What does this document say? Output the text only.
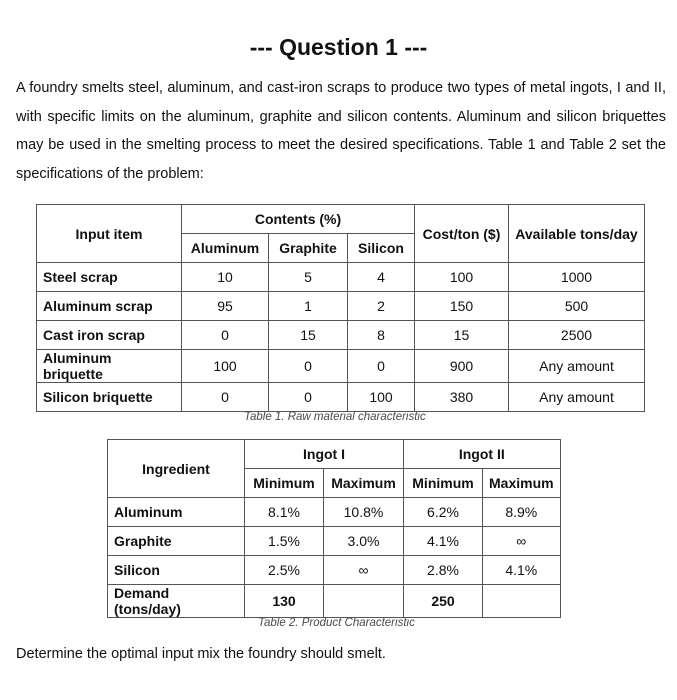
--- Question 1 ---
A foundry smelts steel, aluminum, and cast-iron scraps to produce two types of metal ingots, I and II, with specific limits on the aluminum, graphite and silicon contents. Aluminum and silicon briquettes may be used in the smelting process to meet the desired specifications. Table 1 and Table 2 set the specifications of the problem:
Input item	Contents (%)			Cost/ton ($)	Available tons/day
	Aluminum	Graphite	Silicon		
Steel scrap	10	5	4	100	1000
Aluminum scrap	95	1	2	150	500
Cast iron scrap	0	15	8	15	2500
Aluminum briquette	100	0	0	900	Any amount
Silicon briquette	0	0	100	380	Any amount
Table 1. Raw material characteristic
Ingredient	Ingot I		Ingot II	
	Minimum	Maximum	Minimum	Maximum
Aluminum	8.1%	10.8%	6.2%	8.9%
Graphite	1.5%	3.0%	4.1%	∞
Silicon	2.5%	∞	2.8%	4.1%
Demand (tons/day)	130		250	
Table 2. Product Characteristic
Determine the optimal input mix the foundry should smelt.
